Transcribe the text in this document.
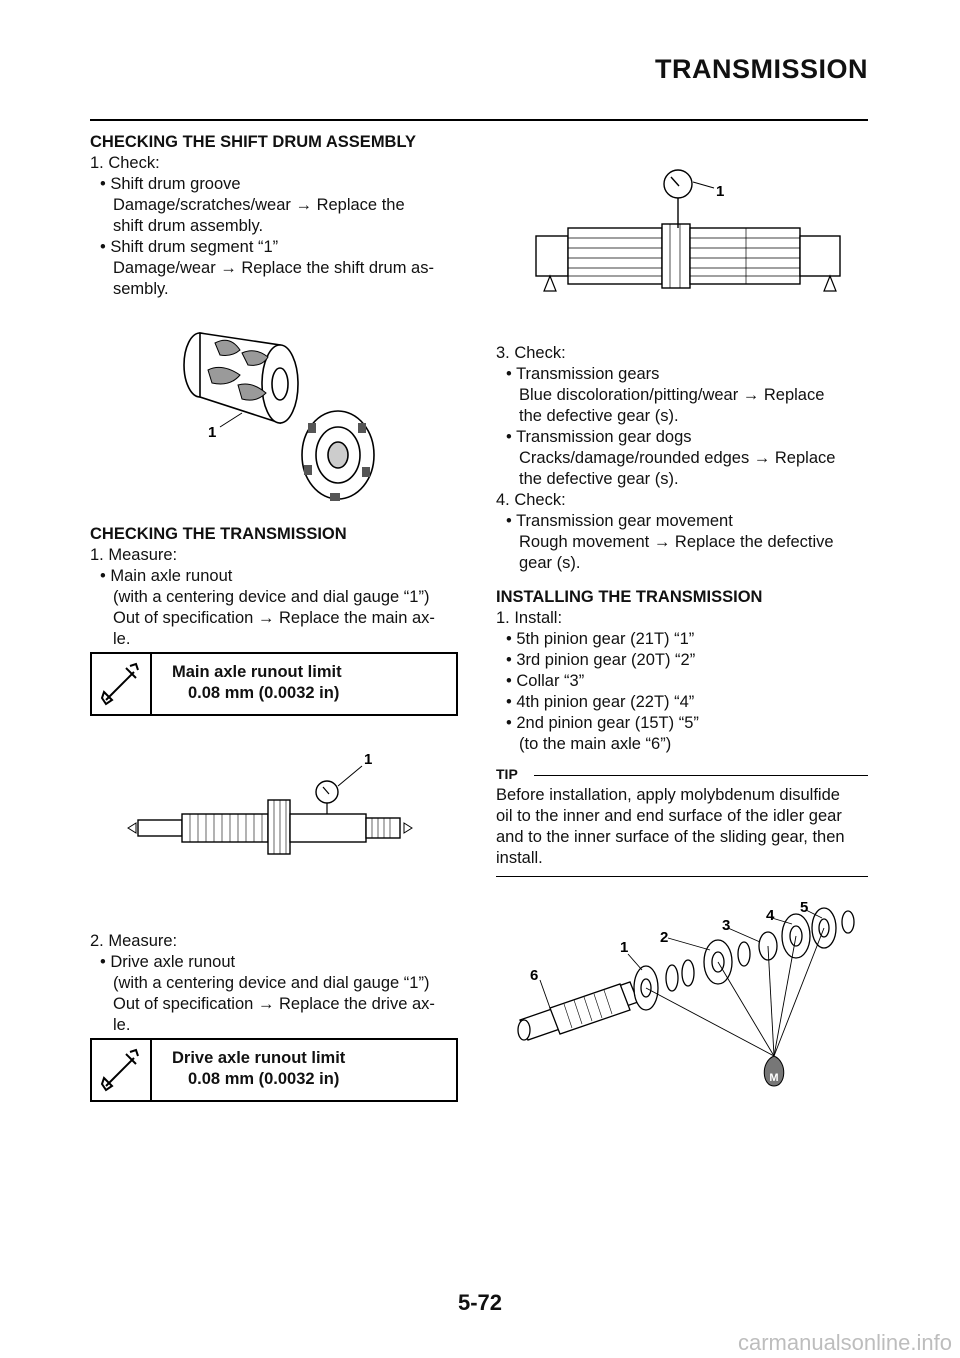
TRANSMISSION
CHECKING THE SHIFT DRUM ASSEMBLY
1. Check:
• Shift drum groove
Damage/scratches/wear → Replace the
shift drum assembly.
• Shift drum segment “1”
Damage/wear → Replace the shift drum as-
sembly.
1
CHECKING THE TRANSMISSION
1. Measure:
• Main axle runout
(with a centering device and dial gauge “1”)
Out of specification → Replace the main ax-
le.
Main axle runout limit
0.08 mm (0.0032 in)
1
2. Measure:
• Drive axle runout
(with a centering device and dial gauge “1”)
Out of specification → Replace the drive ax-
le.
Drive axle runout limit
0.08 mm (0.0032 in)
1
3. Check:
• Transmission gears
Blue discoloration/pitting/wear → Replace
the defective gear (s).
• Transmission gear dogs
Cracks/damage/rounded edges → Replace
the defective gear (s).
4. Check:
• Transmission gear movement
Rough movement → Replace the defective
gear (s).
INSTALLING THE TRANSMISSION
1. Install:
• 5th pinion gear (21T) “1”
• 3rd pinion gear (20T) “2”
• Collar “3”
• 4th pinion gear (22T) “4”
• 2nd pinion gear (15T) “5”
(to the main axle “6”)
TIP
Before installation, apply molybdenum disulfide
oil to the inner and end surface of the idler gear
and to the inner surface of the sliding gear, then
install.
M
1
2
3
4 5
6
5-72
carmanualsonline.info
